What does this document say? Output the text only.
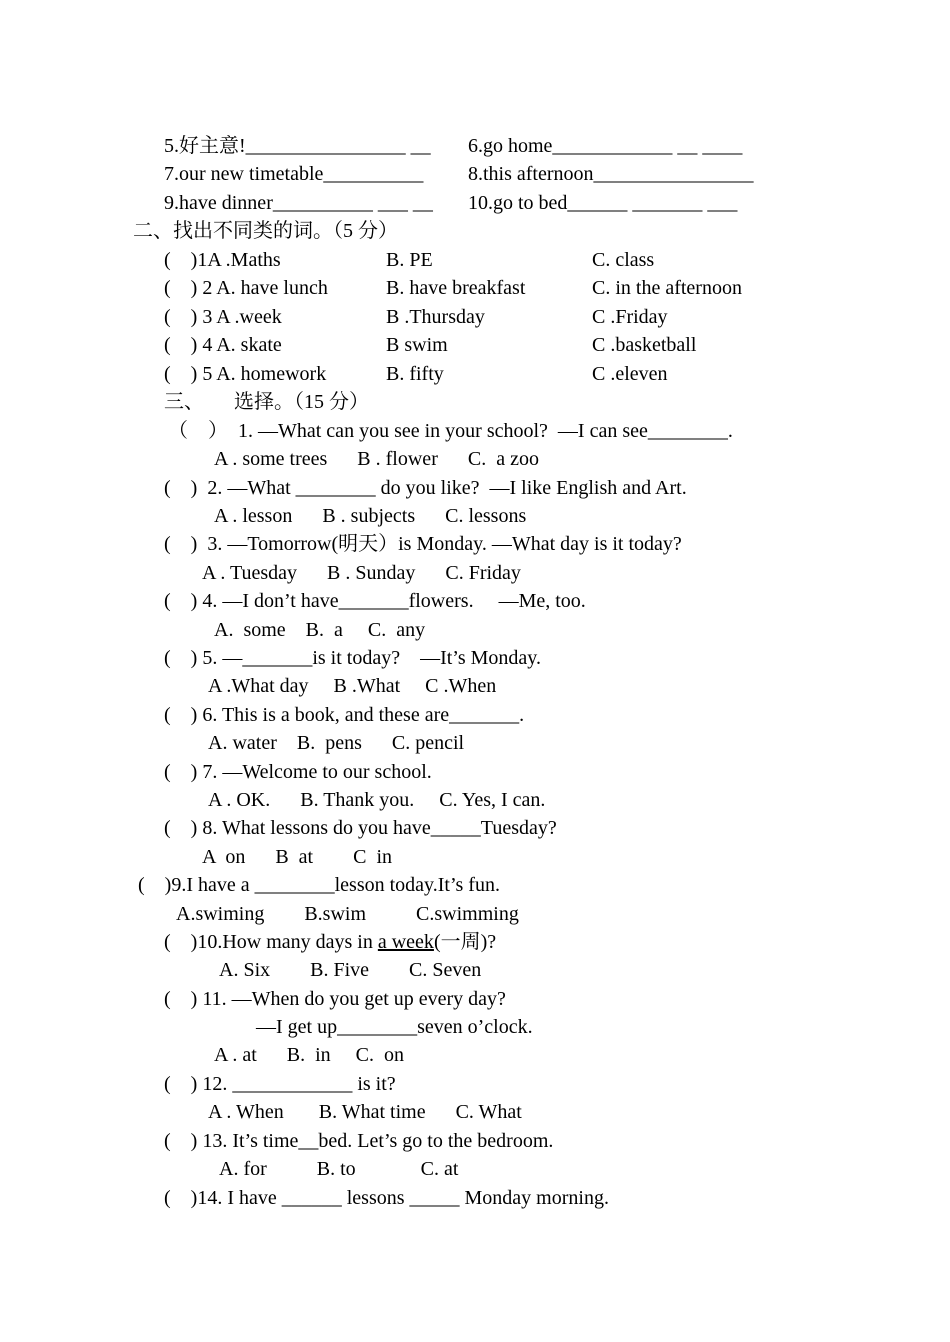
5.好主意!________________ __ 6.go home____________ __ ____
7.our new timetable__________ 8.this afternoon________________
9.have dinner__________ ___ __ 10.go to bed______ _______ ___
二、找出不同类的词。（5 分）
(    )1A .Maths	B. PE	C. class
(    ) 2 A. have lunch	B. have breakfast	C. in the afternoon
(    ) 3 A .week	B .Thursday	C .Friday
(    ) 4 A. skate	B swim	C .basketball
(    ) 5 A. homework	B. fifty	C .eleven
三、      选择。（15 分）
（    ）  1. —What can you see in your school?  —I can see________.
A . some trees      B . flower      C.  a zoo
(    )  2. —What ________ do you like?  —I like English and Art.
A . lesson      B . subjects      C. lessons
(    )  3. —Tomorrow(明天）is Monday. —What day is it today?
A . Tuesday      B . Sunday      C. Friday
(    ) 4. —I don’t have_______flowers.     —Me, too.
A.  some    B.  a     C.  any
(    ) 5. —_______is it today?    —It’s Monday.
A .What day     B .What     C .When
(    ) 6. This is a book, and these are_______.
A. water    B.  pens      C. pencil
(    ) 7. —Welcome to our school.
A . OK.      B. Thank you.     C. Yes, I can.
(    ) 8. What lessons do you have_____Tuesday?
A  on      B  at        C  in
(    )9.I have a ________lesson today.It’s fun.
A.swiming        B.swim          C.swimming
(    )10.How many days in a week(一周)?
A. Six        B. Five        C. Seven
(    ) 11. —When do you get up every day?
—I get up________seven o’clock.
A . at      B.  in     C.  on
(    ) 12. ____________ is it?
A . When       B. What time      C. What
(    ) 13. It’s time__bed. Let’s go to the bedroom.
A. for          B. to             C. at
(    )14. I have ______ lessons _____ Monday morning.
